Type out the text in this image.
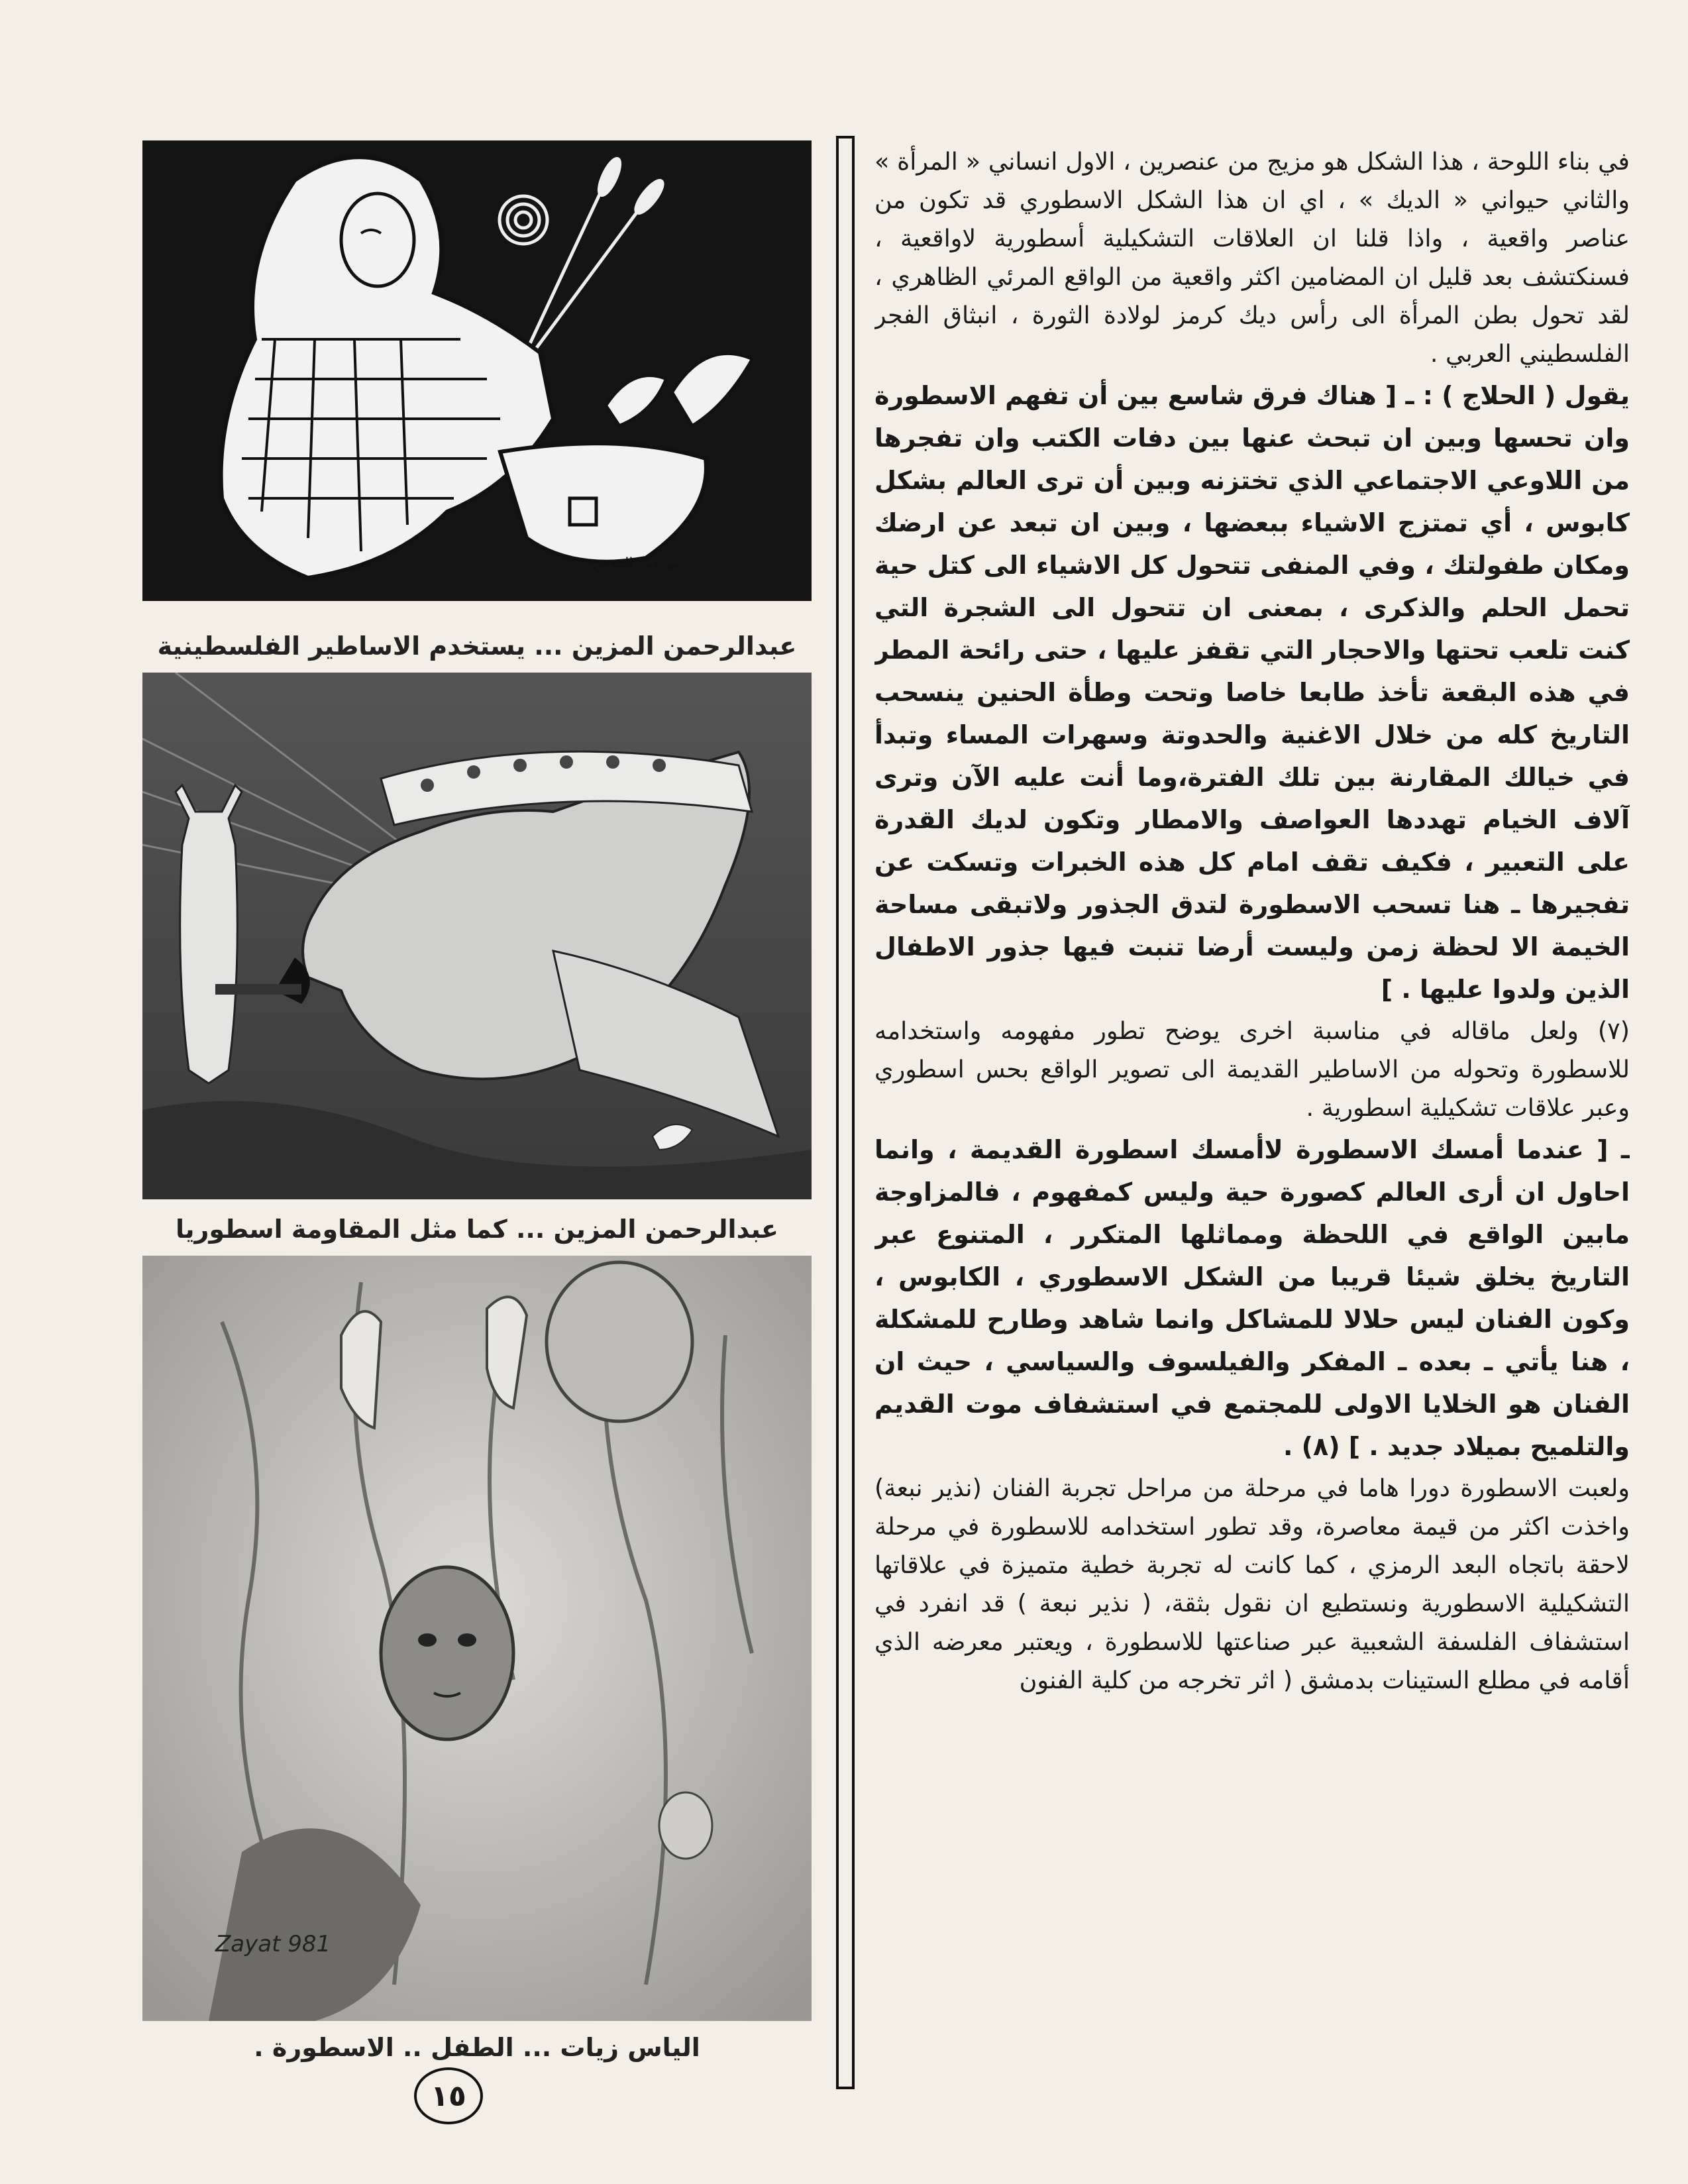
مـرعـي المزين
عبدالرحمن المزين ... يستخدم الاساطير الفلسطينية
عبدالرحمن المزين ... كما مثل المقاومة اسطوريا
Zayat 981
الياس زيات ... الطفل .. الاسطورة .
١٥

في بناء اللوحة ، هذا الشكل هو مزيج من عنصرين ، الاول انساني « المرأة » والثاني حيواني « الديك » ، اي ان هذا الشكل الاسطوري قد تكون من عناصر واقعية ، واذا قلنا ان العلاقات التشكيلية أسطورية لاواقعية ، فسنكتشف بعد قليل ان المضامين اكثر واقعية من الواقع المرئي الظاهري ، لقد تحول بطن المرأة الى رأس ديك كرمز لولادة الثورة ، انبثاق الفجر الفلسطيني العربي .

يقول ( الحلاج ) : ـ [ هناك فرق شاسع بين أن تفهم الاسطورة وان تحسها وبين ان تبحث عنها بين دفات الكتب وان تفجرها من اللاوعي الاجتماعي الذي تختزنه وبين أن ترى العالم بشكل كابوس ، أي تمتزج الاشياء ببعضها ، وبين ان تبعد عن ارضك ومكان طفولتك ، وفي المنفى تتحول كل الاشياء الى كتل حية تحمل الحلم والذكرى ، بمعنى ان تتحول الى الشجرة التي كنت تلعب تحتها والاحجار التي تقفز عليها ، حتى رائحة المطر في هذه البقعة تأخذ طابعا خاصا وتحت وطأة الحنين ينسحب التاريخ كله من خلال الاغنية والحدوتة وسهرات المساء وتبدأ في خيالك المقارنة بين تلك الفترة،وما أنت عليه الآن وترى آلاف الخيام تهددها العواصف والامطار وتكون لديك القدرة على التعبير ، فكيف تقف امام كل هذه الخبرات وتسكت عن تفجيرها ـ هنا تسحب الاسطورة لتدق الجذور ولاتبقى مساحة الخيمة الا لحظة زمن وليست أرضا تنبت فيها جذور الاطفال الذين ولدوا عليها . ]

(٧) ولعل ماقاله في مناسبة اخرى يوضح تطور مفهومه واستخدامه للاسطورة وتحوله من الاساطير القديمة الى تصوير الواقع بحس اسطوري وعبر علاقات تشكيلية اسطورية .

ـ [ عندما أمسك الاسطورة لاأمسك اسطورة القديمة ، وانما احاول ان أرى العالم كصورة حية وليس كمفهوم ، فالمزاوجة مابين الواقع في اللحظة ومماثلها المتكرر ، المتنوع عبر التاريخ يخلق شيئا قريبا من الشكل الاسطوري ، الكابوس ، وكون الفنان ليس حلالا للمشاكل وانما شاهد وطارح للمشكلة ، هنا يأتي ـ بعده ـ المفكر والفيلسوف والسياسي ، حيث ان الفنان هو الخلايا الاولى للمجتمع في استشفاف موت القديم والتلميح بميلاد جديد . ] (٨) .

ولعبت الاسطورة دورا هاما في مرحلة من مراحل تجربة الفنان (نذير نبعة) واخذت اكثر من قيمة معاصرة، وقد تطور استخدامه للاسطورة في مرحلة لاحقة باتجاه البعد الرمزي ، كما كانت له تجربة خطية متميزة في علاقاتها التشكيلية الاسطورية ونستطيع ان نقول بثقة، ( نذير نبعة ) قد انفرد في استشفاف الفلسفة الشعبية عبر صناعتها للاسطورة ، ويعتبر معرضه الذي أقامه في مطلع الستينات بدمشق ( اثر تخرجه من كلية الفنون
